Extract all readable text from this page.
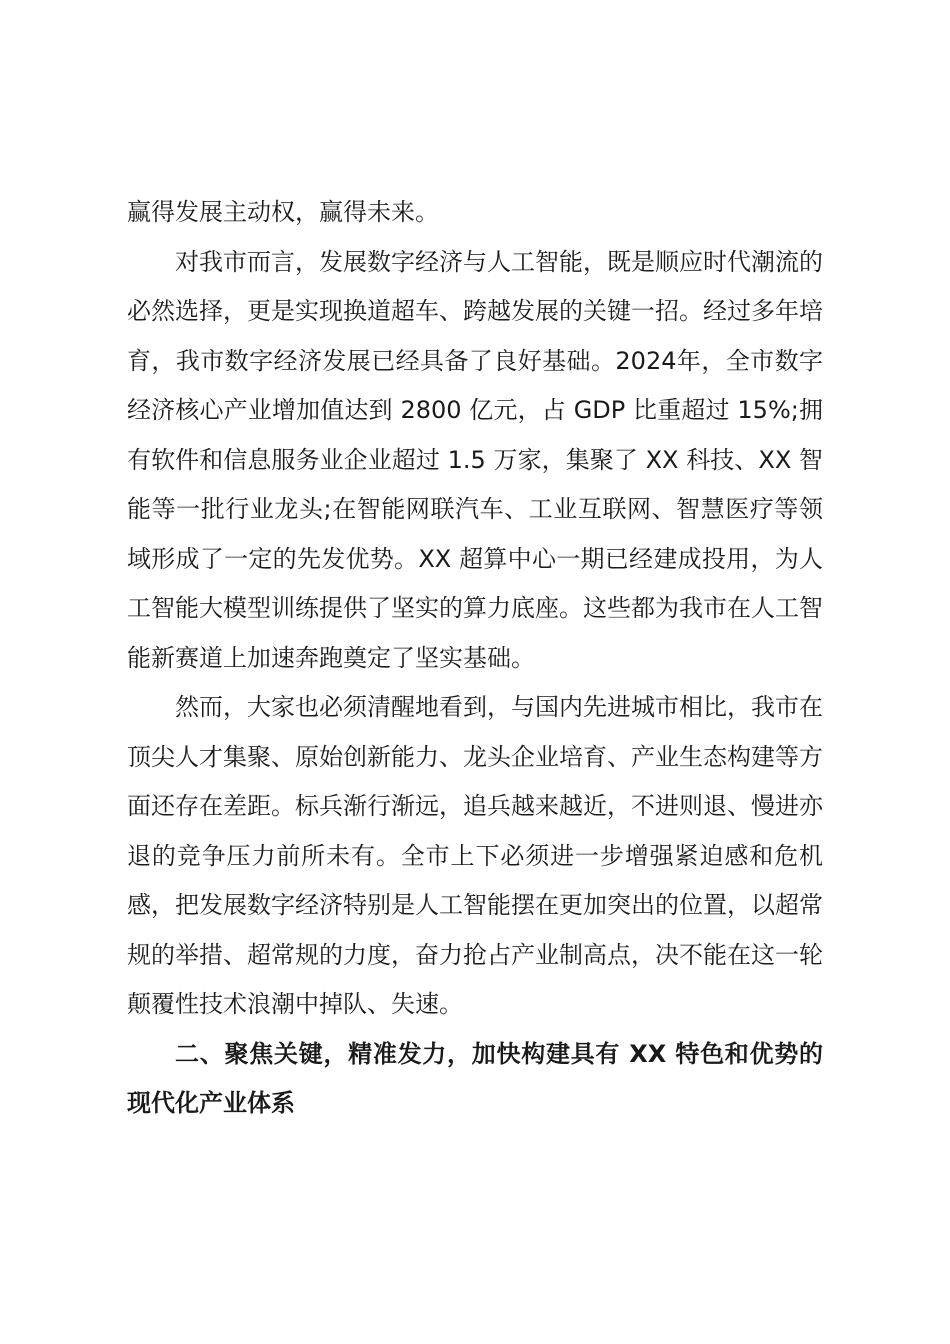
赢得发展主动权，赢得未来。

对我市而言，发展数字经济与人工智能，既是顺应时代潮流的必然选择，更是实现换道超车、跨越发展的关键一招。经过多年培育，我市数字经济发展已经具备了良好基础。2024年，全市数字经济核心产业增加值达到 2800 亿元，占 GDP 比重超过 15%;拥有软件和信息服务业企业超过 1.5 万家，集聚了 XX 科技、XX 智能等一批行业龙头;在智能网联汽车、工业互联网、智慧医疗等领域形成了一定的先发优势。XX 超算中心一期已经建成投用，为人工智能大模型训练提供了坚实的算力底座。这些都为我市在人工智能新赛道上加速奔跑奠定了坚实基础。

然而，大家也必须清醒地看到，与国内先进城市相比，我市在顶尖人才集聚、原始创新能力、龙头企业培育、产业生态构建等方面还存在差距。标兵渐行渐远，追兵越来越近，不进则退、慢进亦退的竞争压力前所未有。全市上下必须进一步增强紧迫感和危机感，把发展数字经济特别是人工智能摆在更加突出的位置，以超常规的举措、超常规的力度，奋力抢占产业制高点，决不能在这一轮颠覆性技术浪潮中掉队、失速。

二、聚焦关键，精准发力，加快构建具有 XX 特色和优势的现代化产业体系
